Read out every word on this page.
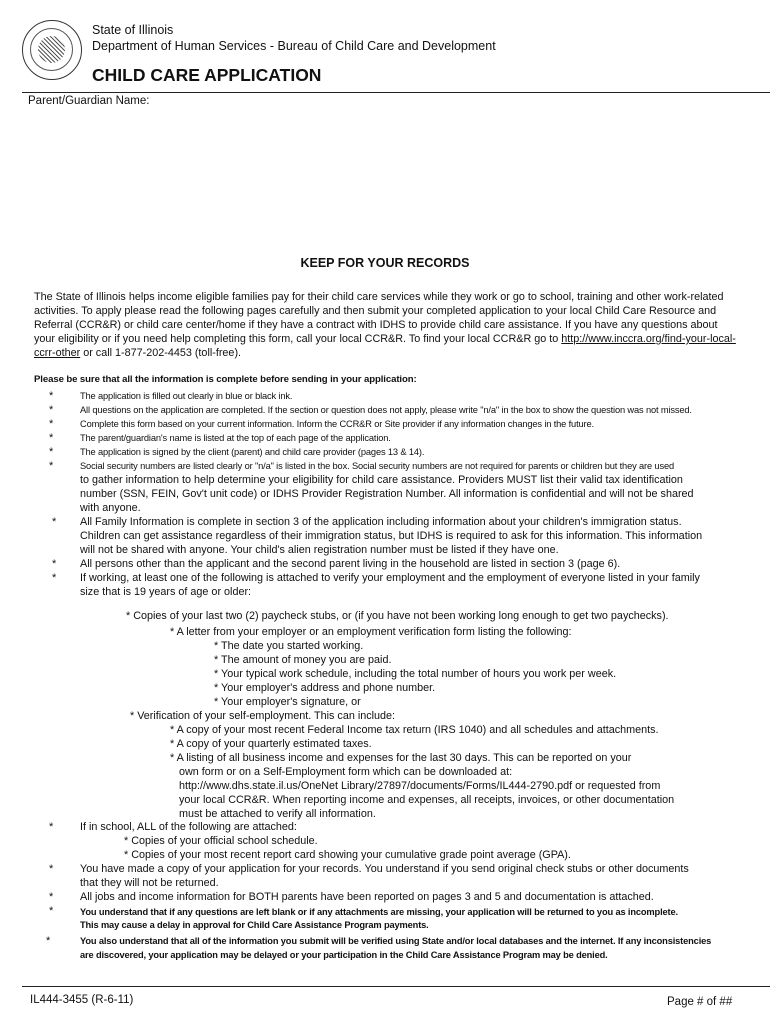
State of Illinois
Department of Human Services - Bureau of Child Care and Development
CHILD CARE APPLICATION
Parent/Guardian Name:
KEEP FOR YOUR RECORDS
The State of Illinois helps income eligible families pay for their child care services while they work or go to school, training and other work-related activities. To apply please read the following pages carefully and then submit your completed application to your local Child Care Resource and Referral (CCR&R) or child care center/home if they have a contract with IDHS to provide child care assistance. If you have any questions about your eligibility or if you need help completing this form, call your local CCR&R. To find your local CCR&R go to http://www.inccra.org/find-your-local-ccrr-other or call 1-877-202-4453 (toll-free).
Please be sure that all the information is complete before sending in your application:
*	The application is filled out clearly in blue or black ink.
*	All questions on the application are completed. If the section or question does not apply, please write "n/a" in the box to show the question was not missed.
*	Complete this form based on your current information. Inform the CCR&R or Site provider if any information changes in the future.
*	The parent/guardian's name is listed at the top of each page of the application.
*	The application is signed by the client (parent) and child care provider (pages 13 & 14).
*	Social security numbers are listed clearly or "n/a" is listed in the box. Social security numbers are not required for parents or children but they are used
to gather information to help determine your eligibility for child care assistance. Providers MUST list their valid tax identification
number (SSN, FEIN, Gov't unit code) or IDHS Provider Registration Number. All information is confidential and will not be shared
with anyone.
* All Family Information is complete in section 3 of the application including information about your children's immigration status.
Children can get assistance regardless of their immigration status, but IDHS is required to ask for this information. This information
will not be shared with anyone. Your child's alien registration number must be listed if they have one.
* All persons other than the applicant and the second parent living in the household are listed in section 3 (page 6).
* If working, at least one of the following is attached to verify your employment and the employment of everyone listed in your family
size that is 19 years of age or older:
* Copies of your last two (2) paycheck stubs, or (if you have not been working long enough to get two paychecks).
* A letter from your employer or an employment verification form listing the following:
* The date you started working.
* The amount of money you are paid.
* Your typical work schedule, including the total number of hours you work per week.
* Your employer's address and phone number.
* Your employer's signature, or
* Verification of your self-employment. This can include:
* A copy of your most recent Federal Income tax return (IRS 1040) and all schedules and attachments.
* A copy of your quarterly estimated taxes.
* A listing of all business income and expenses for the last 30 days. This can be reported on your
own form or on a Self-Employment form which can be downloaded at:
http://www.dhs.state.il.us/OneNet Library/27897/documents/Forms/IL444-2790.pdf or requested from
your local CCR&R. When reporting income and expenses, all receipts, invoices, or other documentation
must be attached to verify all information.
* If in school, ALL of the following are attached:
* Copies of your official school schedule.
* Copies of your most recent report card showing your cumulative grade point average (GPA).
* You have made a copy of your application for your records. You understand if you send original check stubs or other documents
that they will not be returned.
* All jobs and income information for BOTH parents have been reported on pages 3 and 5 and documentation is attached.
*	You understand that if any questions are left blank or if any attachments are missing, your application will be returned to you as incomplete.
This may cause a delay in approval for Child Care Assistance Program payments.
*	You also understand that all of the information you submit will be verified using State and/or local databases and the internet. If any inconsistencies
are discovered, your application may be delayed or your participation in the Child Care Assistance Program may be denied.
IL444-3455 (R-6-11)	Page # of ##
